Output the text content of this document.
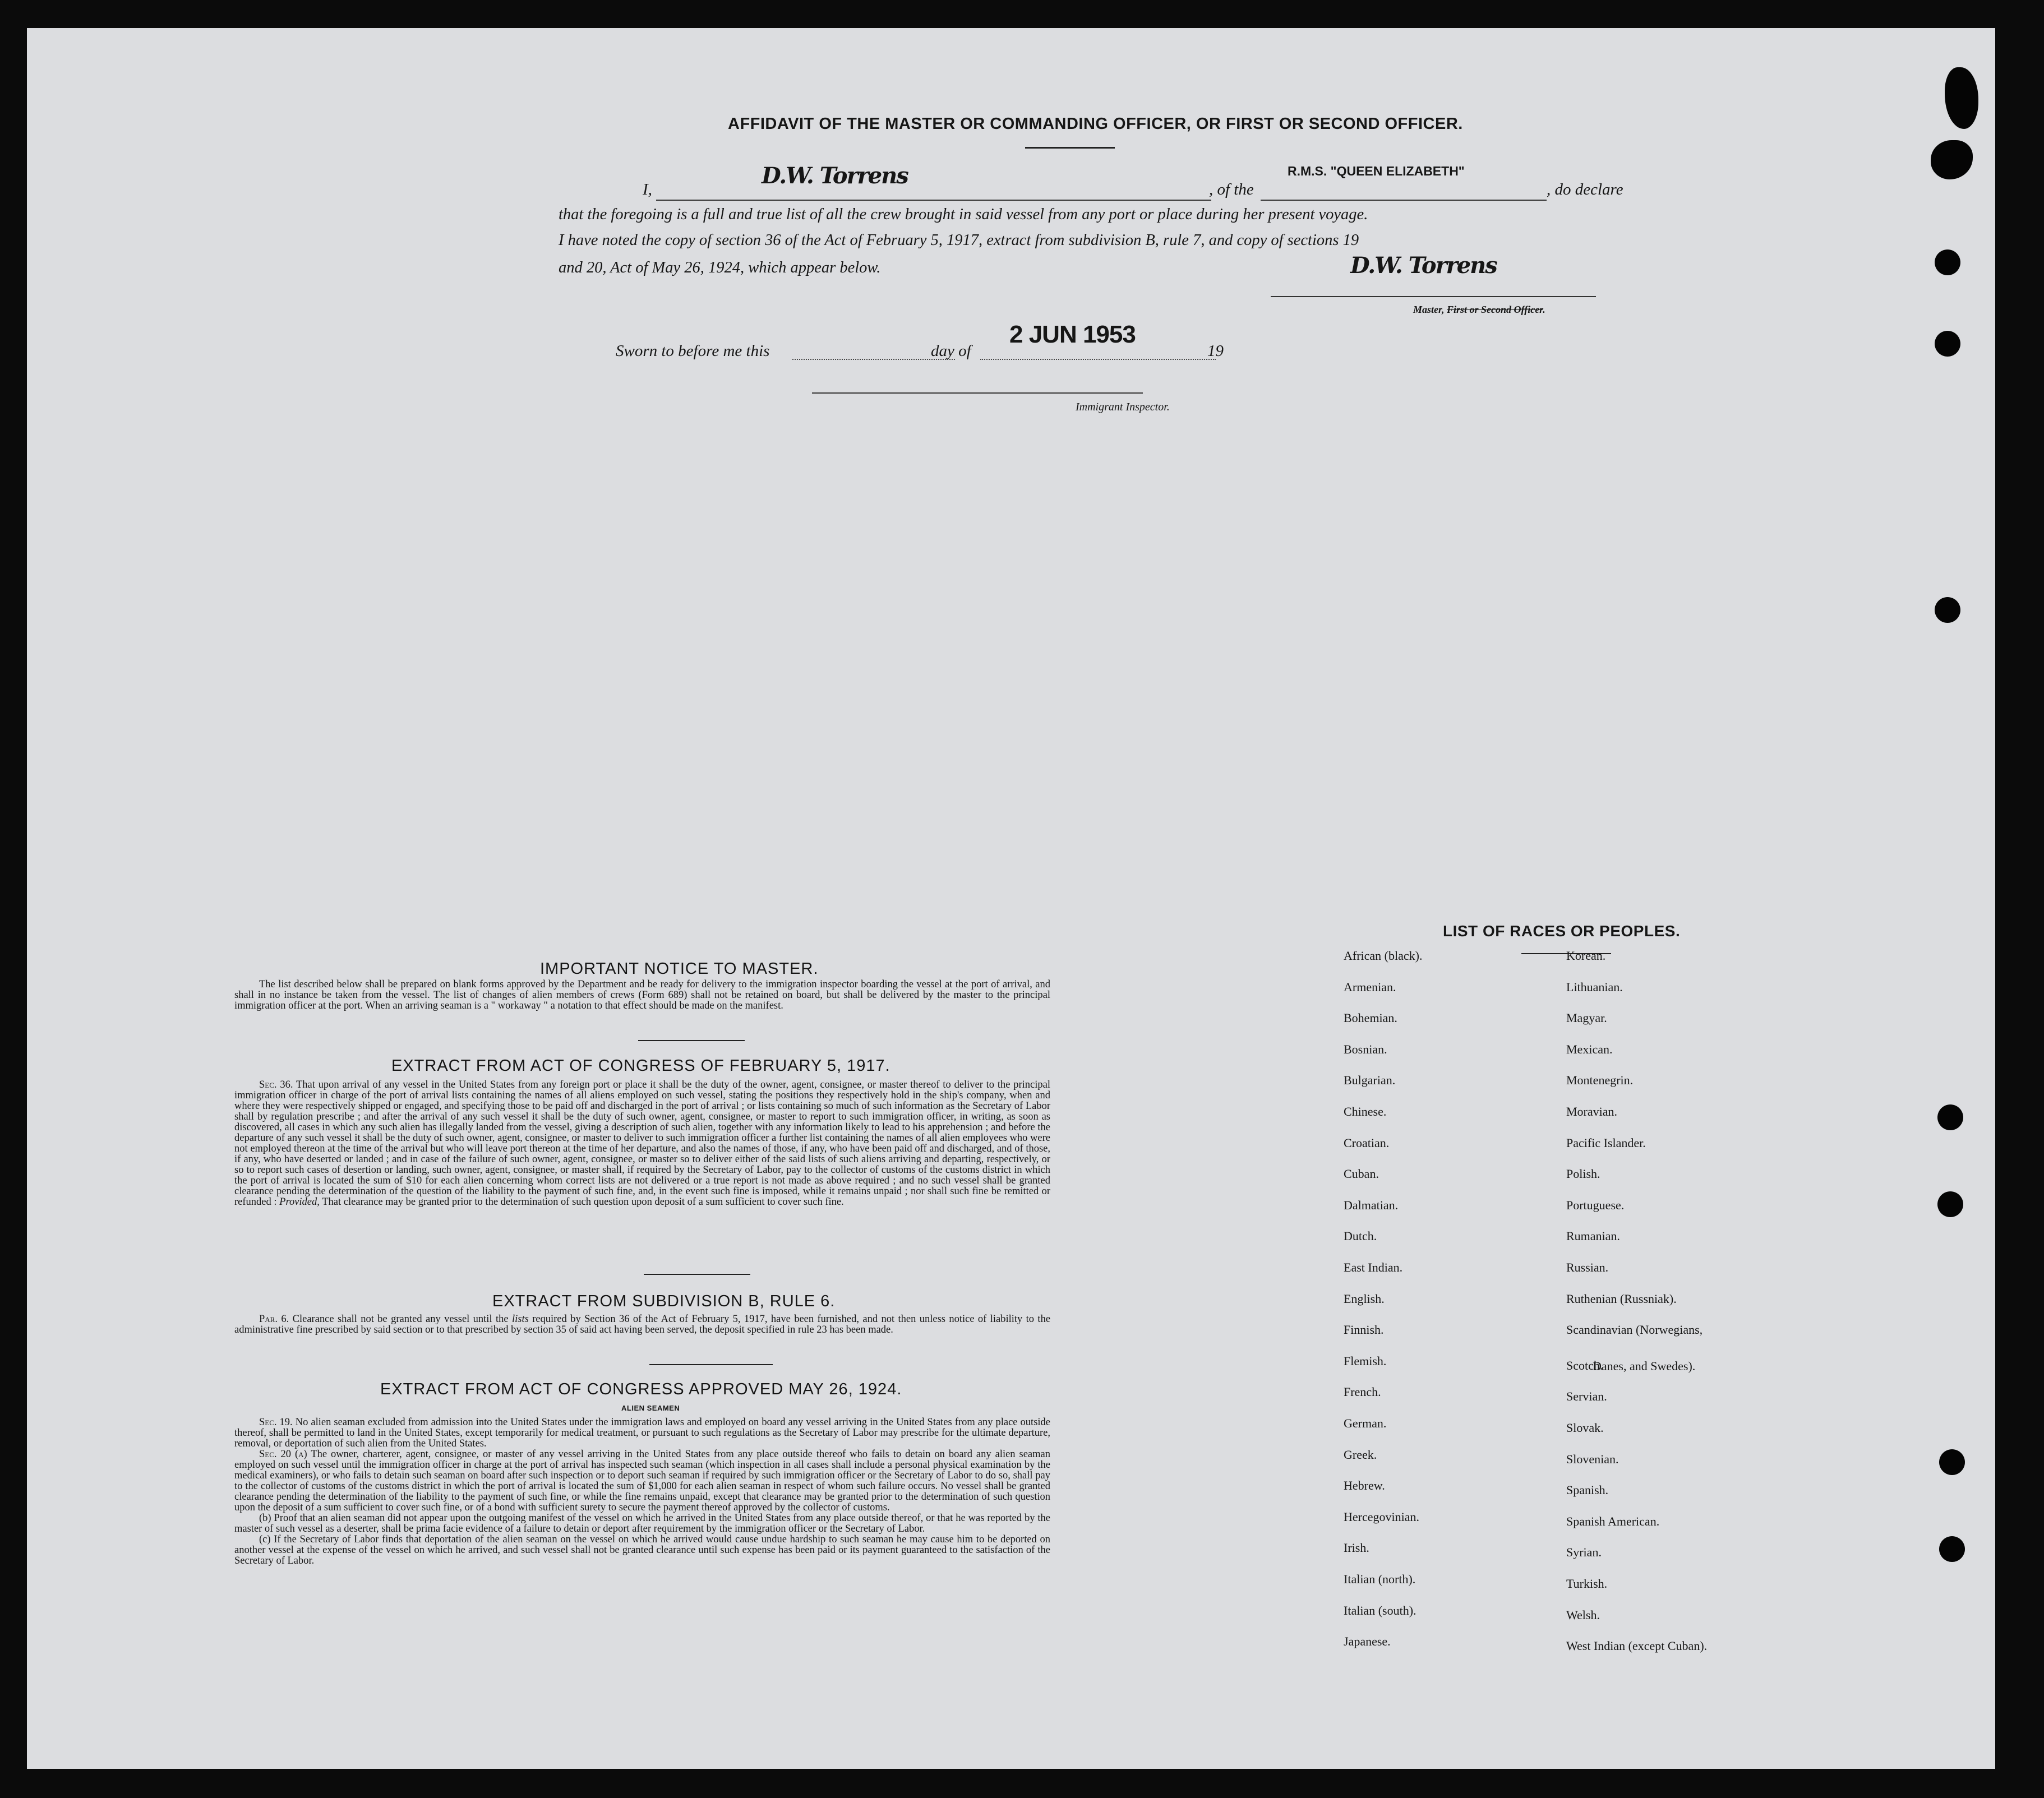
AFFIDAVIT OF THE MASTER OR COMMANDING OFFICER, OR FIRST OR SECOND OFFICER.
I,
D.W. Torrens
, of the
R.M.S. "QUEEN ELIZABETH"
, do declare
that the foregoing is a full and true list of all the crew brought in said vessel from any port or place during her present voyage.
I have noted the copy of section 36 of the Act of February 5, 1917, extract from subdivision B, rule 7, and copy of sections 19
and 20, Act of May 26, 1924, which appear below.	D.W. Torrens
Master, First or Second Officer.
Sworn to before me this	day of
2 JUN 1953
19
Immigrant Inspector.
IMPORTANT NOTICE TO MASTER.

The list described below shall be prepared on blank forms approved by the Department and be ready for delivery to the immigration inspector boarding the vessel at the port of arrival, and shall in no instance be taken from the vessel. The list of changes of alien members of crews (Form 689) shall not be retained on board, but shall be delivered by the master to the principal immigration officer at the port. When an arriving seaman is a " workaway " a notation to that effect should be made on the manifest.

EXTRACT FROM ACT OF CONGRESS OF FEBRUARY 5, 1917.

Sec. 36. That upon arrival of any vessel in the United States from any foreign port or place it shall be the duty of the owner, agent, consignee, or master thereof to deliver to the principal immigration officer in charge of the port of arrival lists containing the names of all aliens employed on such vessel, stating the positions they respectively hold in the ship's company, when and where they were respectively shipped or engaged, and specifying those to be paid off and discharged in the port of arrival ; or lists containing so much of such information as the Secretary of Labor shall by regulation prescribe ; and after the arrival of any such vessel it shall be the duty of such owner, agent, consignee, or master to report to such immigration officer, in writing, as soon as discovered, all cases in which any such alien has illegally landed from the vessel, giving a description of such alien, together with any information likely to lead to his apprehension ; and before the departure of any such vessel it shall be the duty of such owner, agent, consignee, or master to deliver to such immigration officer a further list containing the names of all alien employees who were not employed thereon at the time of the arrival but who will leave port thereon at the time of her departure, and also the names of those, if any, who have been paid off and discharged, and of those, if any, who have deserted or landed ; and in case of the failure of such owner, agent, consignee, or master so to deliver either of the said lists of such aliens arriving and departing, respectively, or so to report such cases of desertion or landing, such owner, agent, consignee, or master shall, if required by the Secretary of Labor, pay to the collector of customs of the customs district in which the port of arrival is located the sum of $10 for each alien concerning whom correct lists are not delivered or a true report is not made as above required ; and no such vessel shall be granted clearance pending the determination of the question of the liability to the payment of such fine, and, in the event such fine is imposed, while it remains unpaid ; nor shall such fine be remitted or refunded : Provided, That clearance may be granted prior to the determination of such question upon deposit of a sum sufficient to cover such fine.

EXTRACT FROM SUBDIVISION B, RULE 6.

Par. 6. Clearance shall not be granted any vessel until the lists required by Section 36 of the Act of February 5, 1917, have been furnished, and not then unless notice of liability to the administrative fine prescribed by said section or to that prescribed by section 35 of said act having been served, the deposit specified in rule 23 has been made.

EXTRACT FROM ACT OF CONGRESS APPROVED MAY 26, 1924.
ALIEN SEAMEN

Sec. 19. No alien seaman excluded from admission into the United States under the immigration laws and employed on board any vessel arriving in the United States from any place outside thereof, shall be permitted to land in the United States, except temporarily for medical treatment, or pursuant to such regulations as the Secretary of Labor may prescribe for the ultimate departure, removal, or deportation of such alien from the United States.

Sec. 20 (a) The owner, charterer, agent, consignee, or master of any vessel arriving in the United States from any place outside thereof who fails to detain on board any alien seaman employed on such vessel until the immigration officer in charge at the port of arrival has inspected such seaman (which inspection in all cases shall include a personal physical examination by the medical examiners), or who fails to detain such seaman on board after such inspection or to deport such seaman if required by such immigration officer or the Secretary of Labor to do so, shall pay to the collector of customs of the customs district in which the port of arrival is located the sum of $1,000 for each alien seaman in respect of whom such failure occurs. No vessel shall be granted clearance pending the determination of the liability to the payment of such fine, or while the fine remains unpaid, except that clearance may be granted prior to the determination of such question upon the deposit of a sum sufficient to cover such fine, or of a bond with sufficient surety to secure the payment thereof approved by the collector of customs.

(b) Proof that an alien seaman did not appear upon the outgoing manifest of the vessel on which he arrived in the United States from any place outside thereof, or that he was reported by the master of such vessel as a deserter, shall be prima facie evidence of a failure to detain or deport after requirement by the immigration officer or the Secretary of Labor.

(c) If the Secretary of Labor finds that deportation of the alien seaman on the vessel on which he arrived would cause undue hardship to such seaman he may cause him to be deported on another vessel at the expense of the vessel on which he arrived, and such vessel shall not be granted clearance until such expense has been paid or its payment guaranteed to the satisfaction of the Secretary of Labor.

LIST OF RACES OR PEOPLES.
African (black).
Armenian.
Bohemian.
Bosnian.
Bulgarian.
Chinese.
Croatian.
Cuban.
Dalmatian.
Dutch.
East Indian.
English.
Finnish.
Flemish.
French.
German.
Greek.
Hebrew.
Hercegovinian.
Irish.
Italian (north).
Italian (south).
Japanese.
Korean.
Lithuanian.
Magyar.
Mexican.
Montenegrin.
Moravian.
Pacific Islander.
Polish.
Portuguese.
Rumanian.
Russian.
Ruthenian (Russniak).
Scandinavian (Norwegians,
Scotch.
Servian.
Slovak.
Slovenian.
Spanish.
Spanish American.
Syrian.
Turkish.
Welsh.
West Indian (except Cuban).
Danes, and Swedes).
